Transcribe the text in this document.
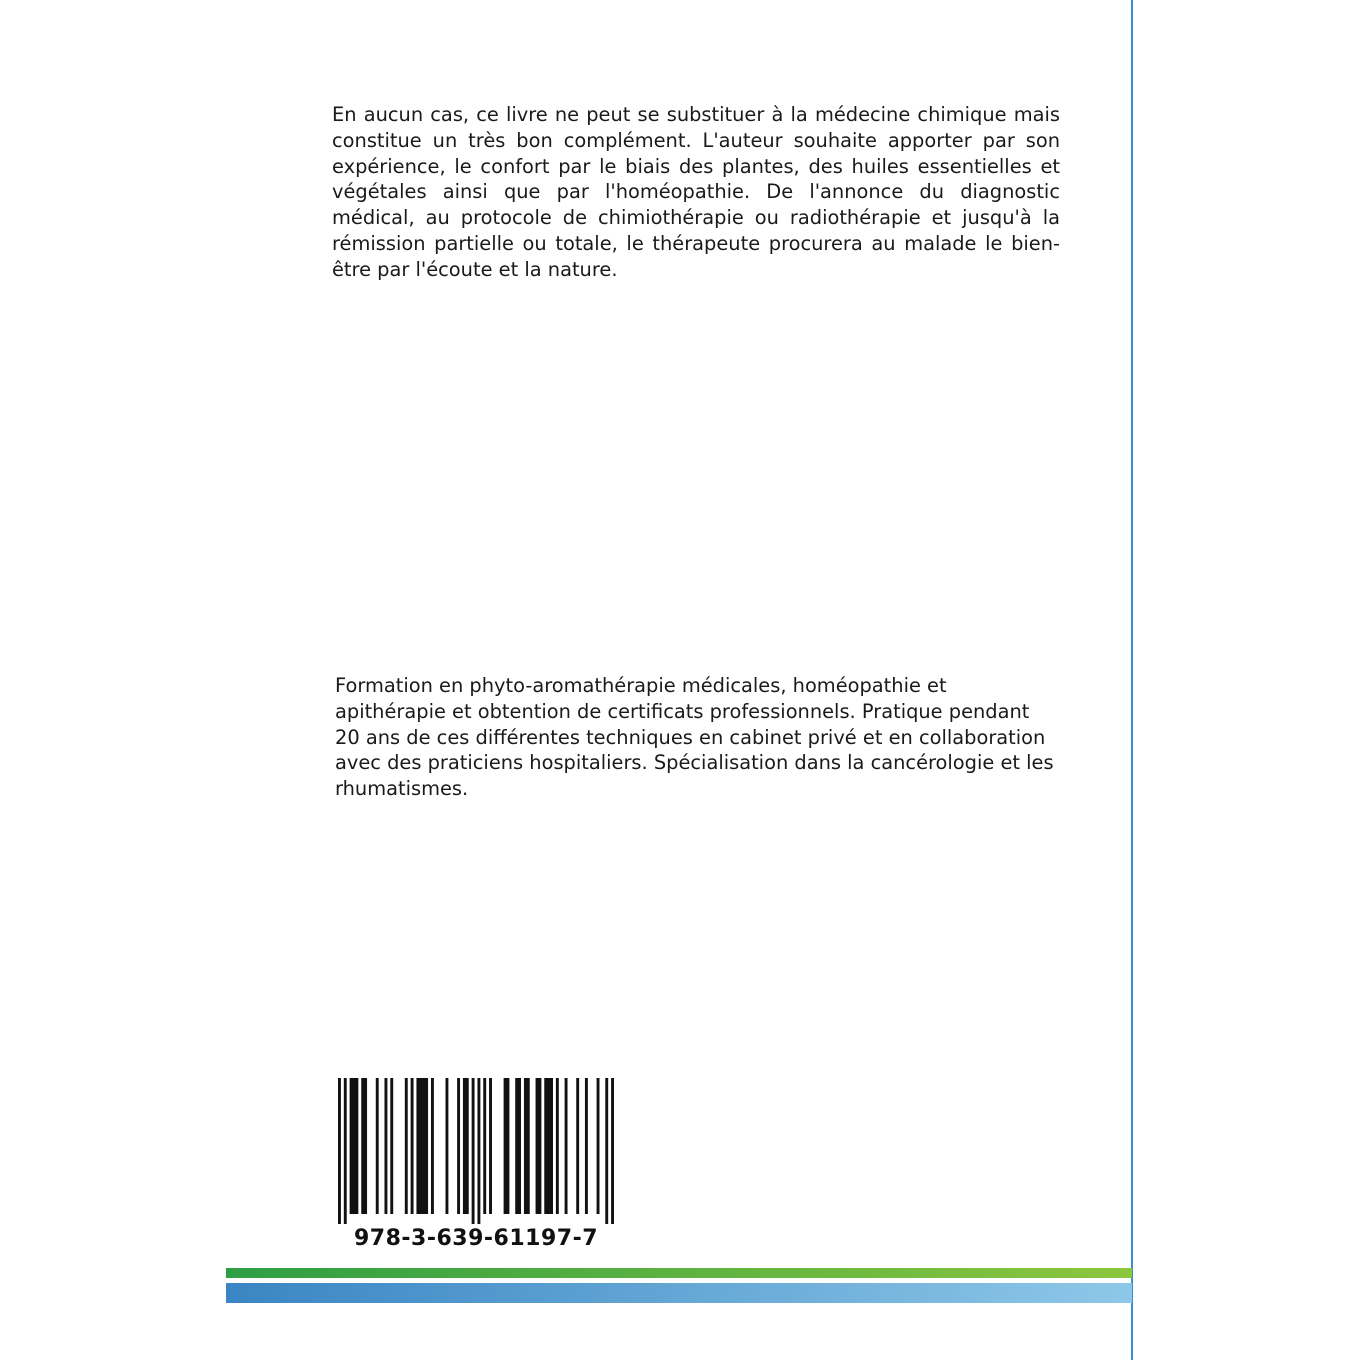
En aucun cas, ce livre ne peut se substituer à la médecine chimique mais constitue un très bon complément. L'auteur souhaite apporter par son expérience, le confort par le biais des plantes, des huiles essentielles et végétales ainsi que par l'homéopathie. De l'annonce du diagnostic médical, au protocole de chimiothérapie ou radiothérapie et jusqu'à la rémission partielle ou totale, le thérapeute procurera au malade le bien-être par l'écoute et la nature.

Formation en phyto-aromathérapie médicales, homéopathie et apithérapie et obtention de certificats professionnels. Pratique pendant 20 ans de ces différentes techniques en cabinet privé et en collaboration avec des praticiens hospitaliers. Spécialisation dans la cancérologie et les rhumatismes.

978-3-639-61197-7
